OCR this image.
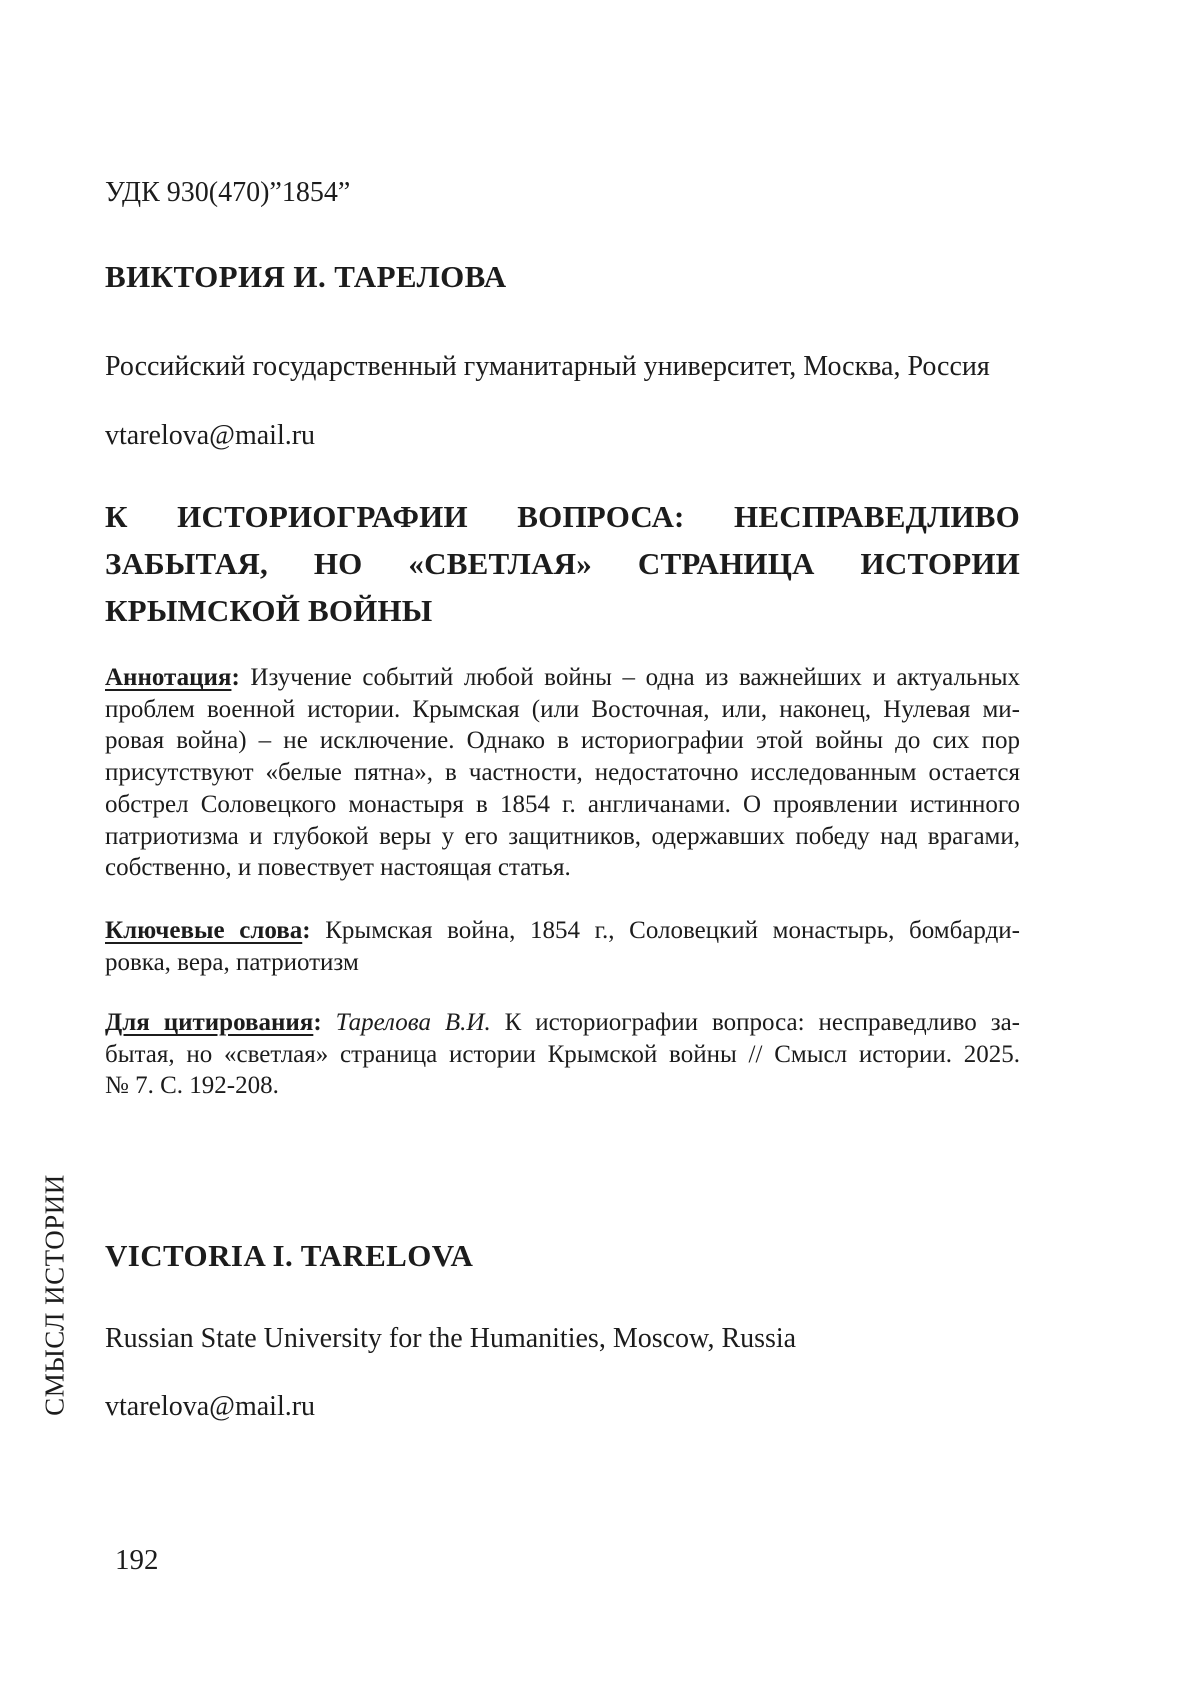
СМЫСЛ ИСТОРИИ
УДК 930(470)”1854”
ВИКТОРИЯ И. ТАРЕЛОВА
Российский государственный гуманитарный университет, Москва, Россия
vtarelova@mail.ru
К ИСТОРИОГРАФИИ ВОПРОСА: НЕСПРАВЕДЛИВО
ЗАБЫТАЯ, НО «СВЕТЛАЯ» СТРАНИЦА ИСТОРИИ
КРЫМСКОЙ ВОЙНЫ
Аннотация: Изучение событий любой войны – одна из важнейших и актуальных
проблем военной истории. Крымская (или Восточная, или, наконец, Нулевая ми-
ровая война) – не исключение. Однако в историографии этой войны до сих пор
присутствуют «белые пятна», в частности, недостаточно исследованным остается
обстрел Соловецкого монастыря в 1854 г. англичанами. О проявлении истинного
патриотизма и глубокой веры у его защитников, одержавших победу над врагами,
собственно, и повествует настоящая статья.
Ключевые слова: Крымская война, 1854 г., Соловецкий монастырь, бомбарди-
ровка, вера, патриотизм
Для цитирования: Тарелова В.И. К историографии вопроса: несправедливо за-
бытая, но «светлая» страница истории Крымской войны // Смысл истории. 2025.
№ 7. С. 192-208.
VICTORIA I. TARELOVA
Russian State University for the Humanities, Moscow, Russia
vtarelova@mail.ru
192
